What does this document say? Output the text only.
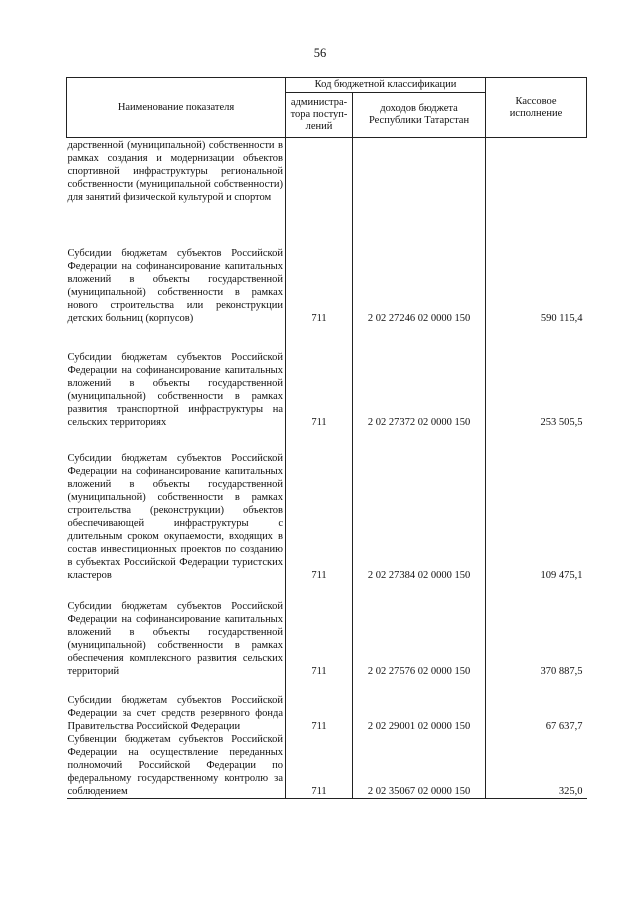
56
Наименование показателя	Код бюджетной классификации		Кассовое исполнение
	администра-тора поступ-лений	доходов бюджета Республики Татарстан	
дарственной (муниципальной) собственности в рамках создания и модернизации объектов спортивной инфраструктуры региональной собственности (муниципальной собственности) для занятий физической культурой и спортом			
Субсидии бюджетам субъектов Российской Федерации на софинансирование капитальных вложений в объекты государственной (муниципальной) собственности в рамках нового строительства или реконструкции детских больниц (корпусов)	711	2 02 27246 02 0000 150	590 115,4
Субсидии бюджетам субъектов Российской Федерации на софинансирование капитальных вложений в объекты государственной (муниципальной) собственности в рамках развития транспортной инфраструктуры на сельских территориях	711	2 02 27372 02 0000 150	253 505,5
Субсидии бюджетам субъектов Российской Федерации на софинансирование капитальных вложений в объекты государственной (муниципальной) собственности в рамках строительства (реконструкции) объектов обеспечивающей инфраструктуры с длительным сроком окупаемости, входящих в состав инвестиционных проектов по созданию в субъектах Российской Федерации туристских кластеров	711	2 02 27384 02 0000 150	109 475,1
Субсидии бюджетам субъектов Российской Федерации на софинансирование капитальных вложений в объекты государственной (муниципальной) собственности в рамках обеспечения комплексного развития сельских территорий	711	2 02 27576 02 0000 150	370 887,5
Субсидии бюджетам субъектов Российской Федерации за счет средств резервного фонда Правительства Российской Федерации	711	2 02 29001 02 0000 150	67 637,7
Субвенции бюджетам субъектов Российской Федерации на осуществление переданных полномочий Российской Федерации по федеральному государственному контролю за соблюдением	711	2 02 35067 02 0000 150	325,0
